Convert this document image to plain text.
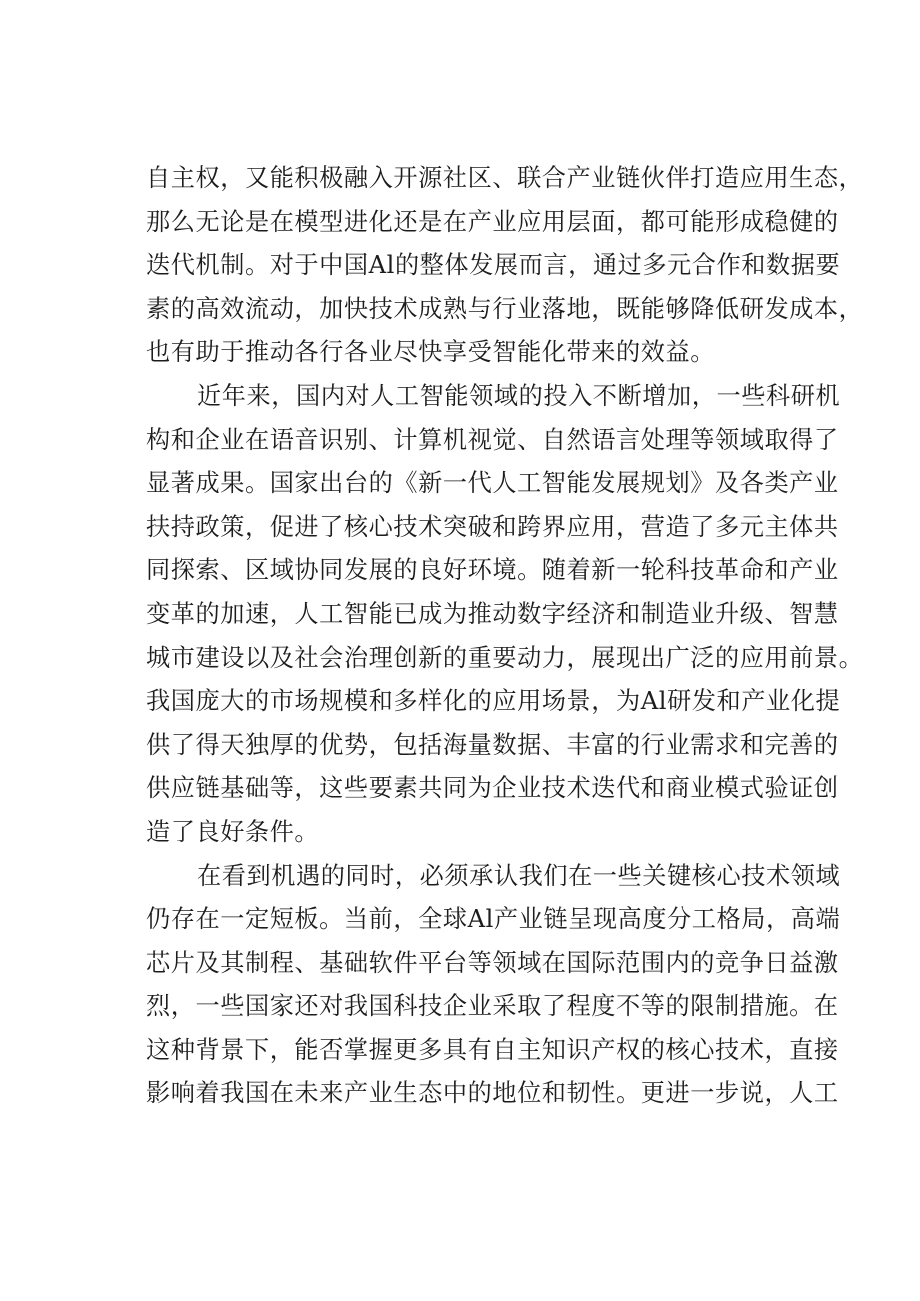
自主权，又能积极融入开源社区、联合产业链伙伴打造应用生态，
那么无论是在模型进化还是在产业应用层面，都可能形成稳健的
迭代机制。对于中国Al的整体发展而言，通过多元合作和数据要
素的高效流动，加快技术成熟与行业落地，既能够降低研发成本，
也有助于推动各行各业尽快享受智能化带来的效益。
近年来，国内对人工智能领域的投入不断增加，一些科研机
构和企业在语音识别、计算机视觉、自然语言处理等领域取得了
显著成果。国家出台的《新一代人工智能发展规划》及各类产业
扶持政策，促进了核心技术突破和跨界应用，营造了多元主体共
同探索、区域协同发展的良好环境。随着新一轮科技革命和产业
变革的加速，人工智能已成为推动数字经济和制造业升级、智慧
城市建设以及社会治理创新的重要动力，展现出广泛的应用前景。
我国庞大的市场规模和多样化的应用场景，为Al研发和产业化提
供了得天独厚的优势，包括海量数据、丰富的行业需求和完善的
供应链基础等，这些要素共同为企业技术迭代和商业模式验证创
造了良好条件。
在看到机遇的同时，必须承认我们在一些关键核心技术领域
仍存在一定短板。当前，全球Al产业链呈现高度分工格局，高端
芯片及其制程、基础软件平台等领域在国际范围内的竞争日益激
烈，一些国家还对我国科技企业采取了程度不等的限制措施。在
这种背景下，能否掌握更多具有自主知识产权的核心技术，直接
影响着我国在未来产业生态中的地位和韧性。更进一步说，人工
